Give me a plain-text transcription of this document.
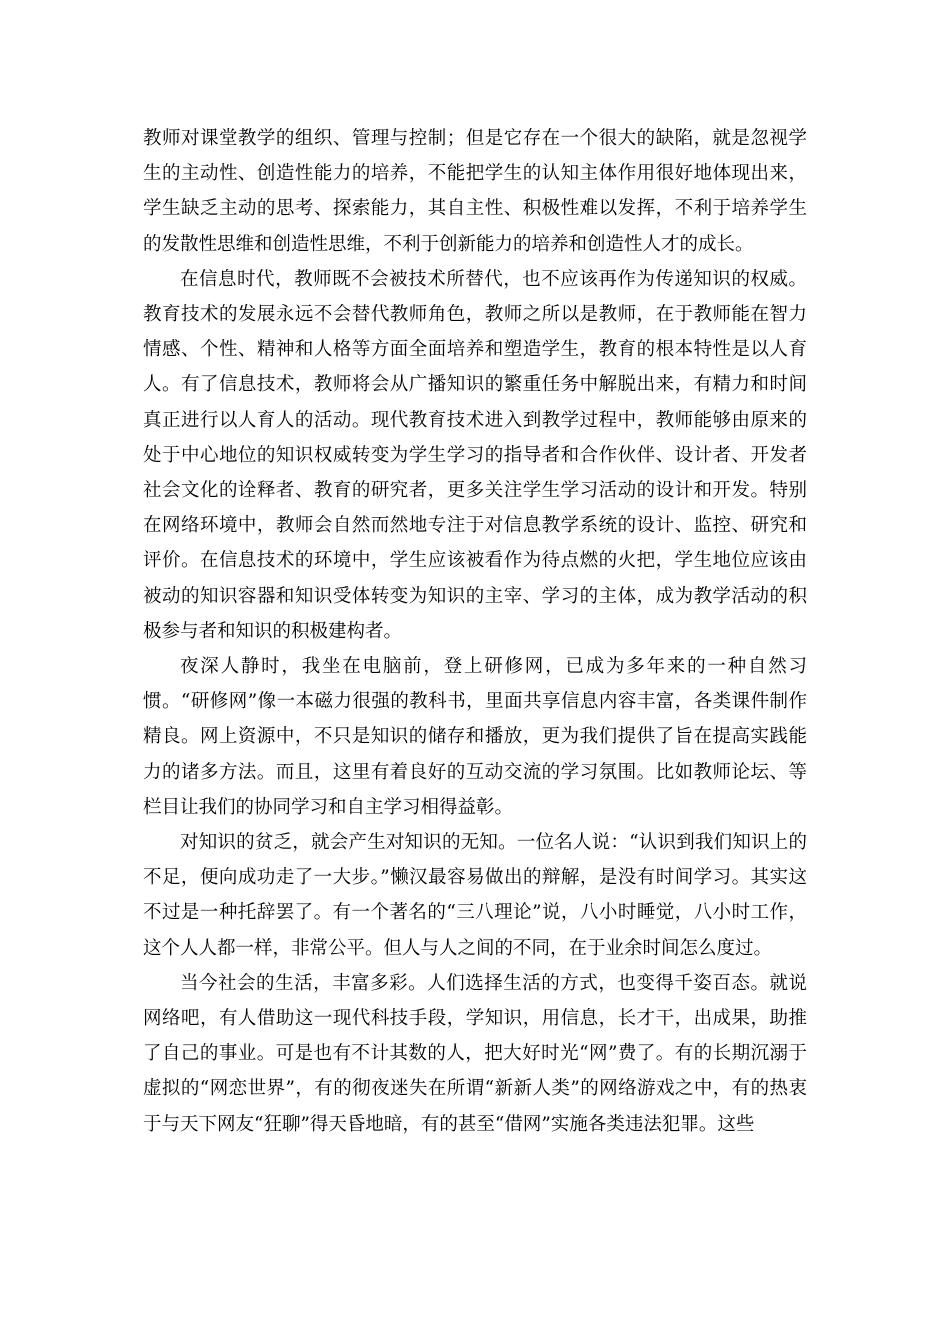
教师对课堂教学的组织、管理与控制；但是它存在一个很大的缺陷，就是忽视学生的主动性、创造性能力的培养，不能把学生的认知主体作用很好地体现出来，学生缺乏主动的思考、探索能力，其自主性、积极性难以发挥，不利于培养学生的发散性思维和创造性思维，不利于创新能力的培养和创造性人才的成长。

在信息时代，教师既不会被技术所替代，也不应该再作为传递知识的权威。教育技术的发展永远不会替代教师角色，教师之所以是教师，在于教师能在智力情感、个性、精神和人格等方面全面培养和塑造学生，教育的根本特性是以人育人。有了信息技术，教师将会从广播知识的繁重任务中解脱出来，有精力和时间真正进行以人育人的活动。现代教育技术进入到教学过程中，教师能够由原来的处于中心地位的知识权威转变为学生学习的指导者和合作伙伴、设计者、开发者社会文化的诠释者、教育的研究者，更多关注学生学习活动的设计和开发。特别在网络环境中，教师会自然而然地专注于对信息教学系统的设计、监控、研究和评价。在信息技术的环境中，学生应该被看作为待点燃的火把，学生地位应该由被动的知识容器和知识受体转变为知识的主宰、学习的主体，成为教学活动的积极参与者和知识的积极建构者。

夜深人静时，我坐在电脑前，登上研修网，已成为多年来的一种自然习惯。“研修网”像一本磁力很强的教科书，里面共享信息内容丰富，各类课件制作精良。网上资源中，不只是知识的储存和播放，更为我们提供了旨在提高实践能力的诸多方法。而且，这里有着良好的互动交流的学习氛围。比如教师论坛、等栏目让我们的协同学习和自主学习相得益彰。

对知识的贫乏，就会产生对知识的无知。一位名人说：“认识到我们知识上的不足，便向成功走了一大步。”懒汉最容易做出的辩解，是没有时间学习。其实这不过是一种托辞罢了。有一个著名的“三八理论”说，八小时睡觉，八小时工作，这个人人都一样，非常公平。但人与人之间的不同，在于业余时间怎么度过。

当今社会的生活，丰富多彩。人们选择生活的方式，也变得千姿百态。就说网络吧，有人借助这一现代科技手段，学知识，用信息，长才干，出成果，助推了自己的事业。可是也有不计其数的人，把大好时光“网”费了。有的长期沉溺于虚拟的“网恋世界”，有的彻夜迷失在所谓“新新人类”的网络游戏之中，有的热衷于与天下网友“狂聊”得天昏地暗，有的甚至“借网”实施各类违法犯罪。这些
